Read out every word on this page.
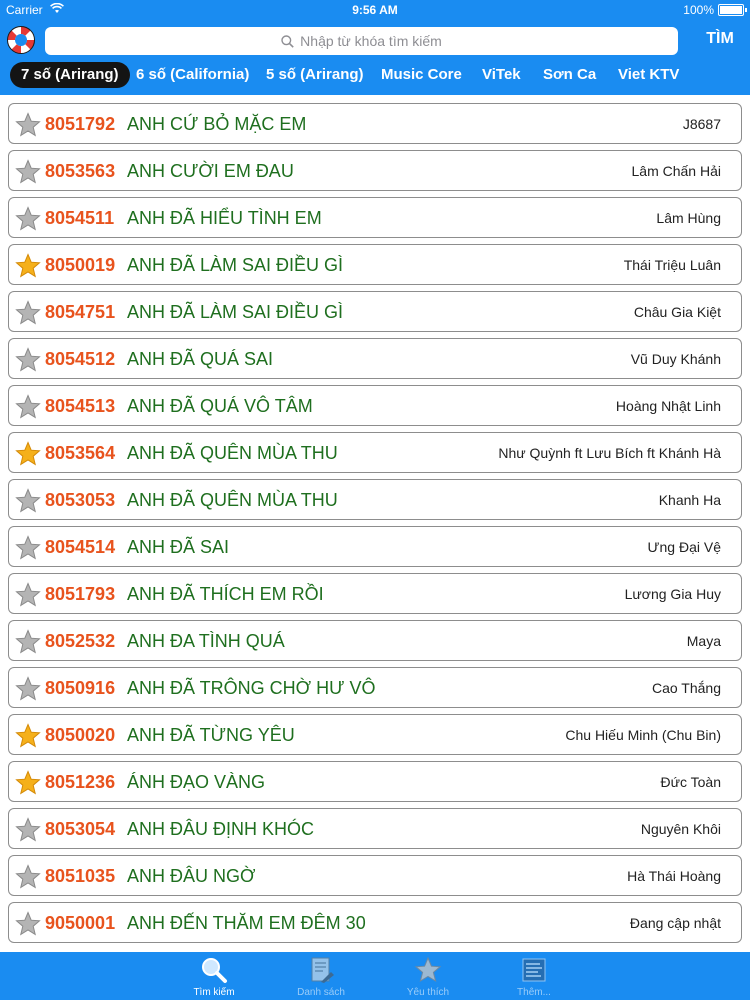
Carrier	9:56 AM	100%
Nhập từ khóa tìm kiếm	TÌM
7 số (Arirang)	6 số (California) 5 số (Arirang) Music Core ViTek Sơn Ca Viet KTV
8051792 ANH CỨ BỎ MẶC EM	J8687
8053563 ANH CƯỜI EM ĐAU	Lâm Chấn Hải
8054511 ANH ĐÃ HIỂU TÌNH EM	Lâm Hùng
8050019 ANH ĐÃ LÀM SAI ĐIỀU GÌ	Thái Triệu Luân
8054751 ANH ĐÃ LÀM SAI ĐIỀU GÌ	Châu Gia Kiệt
8054512 ANH ĐÃ QUÁ SAI	Vũ Duy Khánh
8054513 ANH ĐÃ QUÁ VÔ TÂM	Hoàng Nhật Linh
8053564 ANH ĐÃ QUÊN MÙA THU	Như Quỳnh ft Lưu Bích ft Khánh Hà
8053053 ANH ĐÃ QUÊN MÙA THU	Khanh Ha
8054514 ANH ĐÃ SAI	Ưng Đại Vệ
8051793 ANH ĐÃ THÍCH EM RỒI	Lương Gia Huy
8052532 ANH ĐA TÌNH QUÁ	Maya
8050916 ANH ĐÃ TRÔNG CHỜ HƯ VÔ	Cao Thắng
8050020 ANH ĐÃ TỪNG YÊU	Chu Hiếu Minh (Chu Bin)
8051236 ÁNH ĐẠO VÀNG	Đức Toàn
8053054 ANH ĐÂU ĐỊNH KHÓC	Nguyên Khôi
8051035 ANH ĐÂU NGỜ	Hà Thái Hoàng
9050001 ANH ĐẾN THĂM EM ĐÊM 30	Đang cập nhật
Tìm kiếm	Danh sách	Yêu thích	Thêm...
